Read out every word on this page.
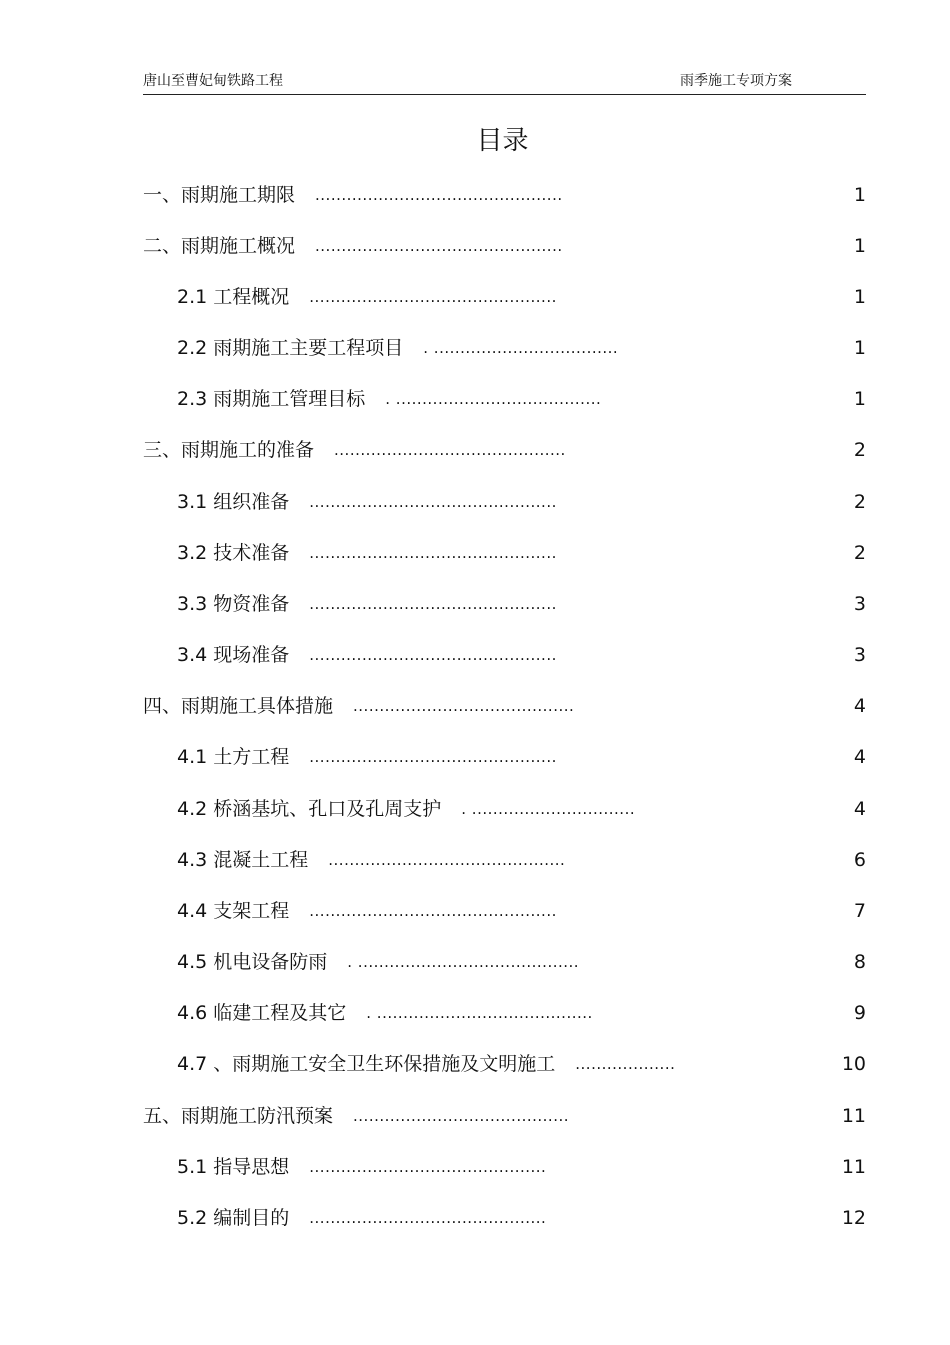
唐山至曹妃甸铁路工程	雨季施工专项方案
目录
一、雨期施工期限 ...............................................	1
二、雨期施工概况 ...............................................	1
2.1 工程概况 ...............................................	1
2.2 雨期施工主要工程项目 . ...................................	1
2.3 雨期施工管理目标 . .......................................	1
三、雨期施工的准备 ............................................	2
3.1 组织准备 ...............................................	2
3.2 技术准备 ...............................................	2
3.3 物资准备 ...............................................	3
3.4 现场准备 ...............................................	3
四、雨期施工具体措施 ..........................................	4
4.1 土方工程 ...............................................	4
4.2 桥涵基坑、孔口及孔周支护 . ...............................	4
4.3 混凝土工程 .............................................	6
4.4 支架工程 ...............................................	7
4.5 机电设备防雨 . ..........................................	8
4.6 临建工程及其它 . .........................................	9
4.7 、雨期施工安全卫生环保措施及文明施工 ...................	10
五、雨期施工防汛预案 .........................................	11
5.1 指导思想 .............................................	11
5.2 编制目的 .............................................	12
